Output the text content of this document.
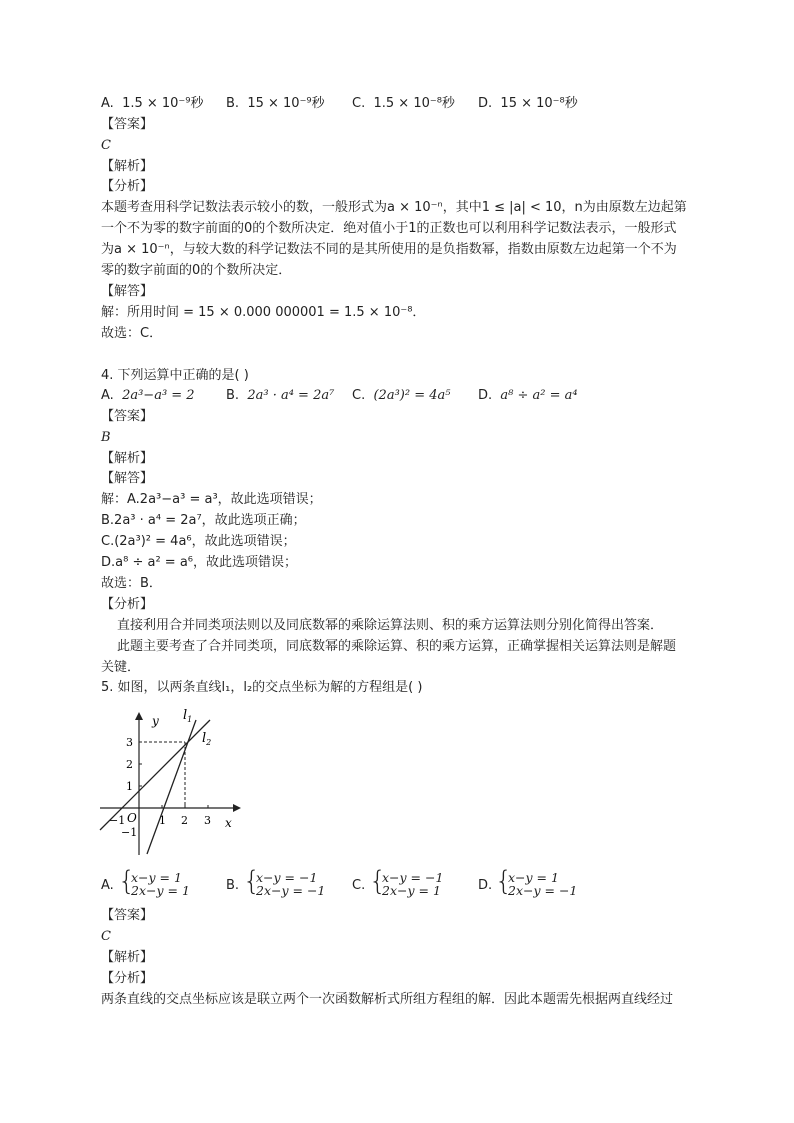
A. 1.5 × 10⁻⁹秒 B. 15 × 10⁻⁹秒 C. 1.5 × 10⁻⁸秒 D. 15 × 10⁻⁸秒
【答案】
C
【解析】
【分析】
本题考查用科学记数法表示较小的数，一般形式为a × 10⁻ⁿ，其中1 ≤ |a| < 10，n为由原数左边起第
一个不为零的数字前面的0的个数所决定．绝对值小于1的正数也可以利用科学记数法表示，一般形式
为a × 10⁻ⁿ，与较大数的科学记数法不同的是其所使用的是负指数幂，指数由原数左边起第一个不为
零的数字前面的0的个数所决定．
【解答】
解：所用时间 = 15 × 0.000 000001 = 1.5 × 10⁻⁸．
故选：C．
4. 下列运算中正确的是( )
A. 2a³−a³ = 2 B. 2a³ · a⁴ = 2a⁷ C. (2a³)² = 4a⁵ D. a⁸ ÷ a² = a⁴
【答案】
B
【解析】
【解答】
解：A.2a³−a³ = a³，故此选项错误；
B.2a³ · a⁴ = 2a⁷，故此选项正确；
C.(2a³)² = 4a⁶，故此选项错误；
D.a⁸ ÷ a² = a⁶，故此选项错误；
故选：B．
【分析】
直接利用合并同类项法则以及同底数幂的乘除运算法则、积的乘方运算法则分别化简得出答案．
此题主要考查了合并同类项，同底数幂的乘除运算、积的乘方运算，正确掌握相关运算法则是解题
关键．
5. 如图，以两条直线l₁，l₂的交点坐标为解的方程组是( )
y
x
O
$l_1$
$l_2$
3
2
1
−1
−1	1 2 3
A. {
x−y = 1
2x−y = 1	B. {
x−y = −1
2x−y = −1 C. {
x−y = −1
2x−y = 1	D. {
x−y = 1
2x−y = −1
【答案】
C
【解析】
【分析】
两条直线的交点坐标应该是联立两个一次函数解析式所组方程组的解．因此本题需先根据两直线经过
